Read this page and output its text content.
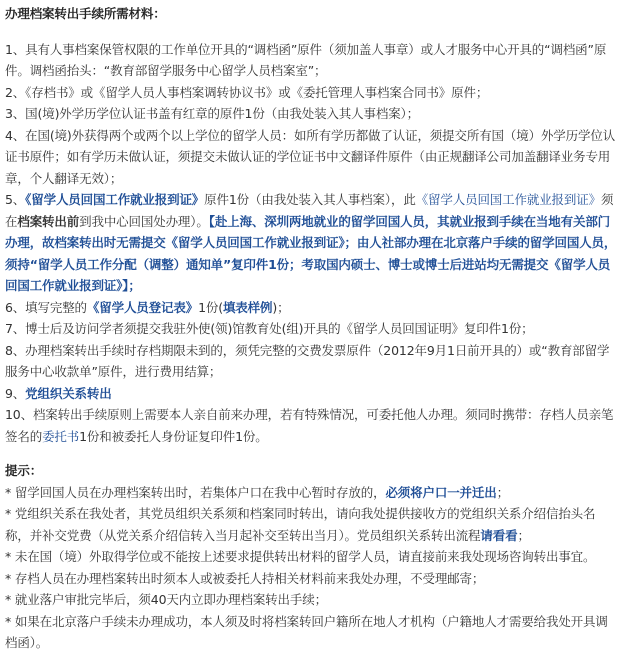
办理档案转出手续所需材料：

1、具有人事档案保管权限的工作单位开具的“调档函”原件（须加盖人事章）或人才服务中心开具的“调档函”原件。调档函抬头：“教育部留学服务中心留学人员档案室”；

2、《存档书》或《留学人员人事档案调转协议书》或《委托管理人事档案合同书》原件；

3、国(境)外学历学位认证书盖有红章的原件1份（由我处装入其人事档案）；

4、在国(境)外获得两个或两个以上学位的留学人员：如所有学历都做了认证，须提交所有国（境）外学历学位认证书原件；如有学历未做认证，须提交未做认证的学位证书中文翻译件原件（由正规翻译公司加盖翻译业务专用章，个人翻译无效）；

5、《留学人员回国工作就业报到证》原件1份（由我处装入其人事档案），此《留学人员回国工作就业报到证》须在档案转出前到我中心回国处办理）。【赴上海、深圳两地就业的留学回国人员，其就业报到手续在当地有关部门办理，故档案转出时无需提交《留学人员回国工作就业报到证》；由人社部办理在北京落户手续的留学回国人员，须持“留学人员工作分配（调整）通知单”复印件1份；考取国内硕士、博士或博士后进站均无需提交《留学人员回国工作就业报到证》】；

6、填写完整的《留学人员登记表》1份(填表样例)；

7、博士后及访问学者须提交我驻外使(领)馆教育处(组)开具的《留学人员回国证明》复印件1份；

8、办理档案转出手续时存档期限未到的，须凭完整的交费发票原件（2012年9月1日前开具的）或“教育部留学服务中心收款单”原件，进行费用结算；

9、党组织关系转出

10、档案转出手续原则上需要本人亲自前来办理，若有特殊情况，可委托他人办理。须同时携带：存档人员亲笔签名的委托书1份和被委托人身份证复印件1份。

提示：

* 留学回国人员在办理档案转出时，若集体户口在我中心暂时存放的，必须将户口一并迁出；

* 党组织关系在我处者，其党员组织关系须和档案同时转出，请向我处提供接收方的党组织关系介绍信抬头名称，并补交党费（从党关系介绍信转入当月起补交至转出当月）。党员组织关系转出流程请看看；

* 未在国（境）外取得学位或不能按上述要求提供转出材料的留学人员，请直接前来我处现场咨询转出事宜。

* 存档人员在办理档案转出时须本人或被委托人持相关材料前来我处办理，不受理邮寄；

* 就业落户审批完毕后，须40天内立即办理档案转出手续；

* 如果在北京落户手续未办理成功，本人须及时将档案转回户籍所在地人才机构（户籍地人才需要给我处开具调档函）。
